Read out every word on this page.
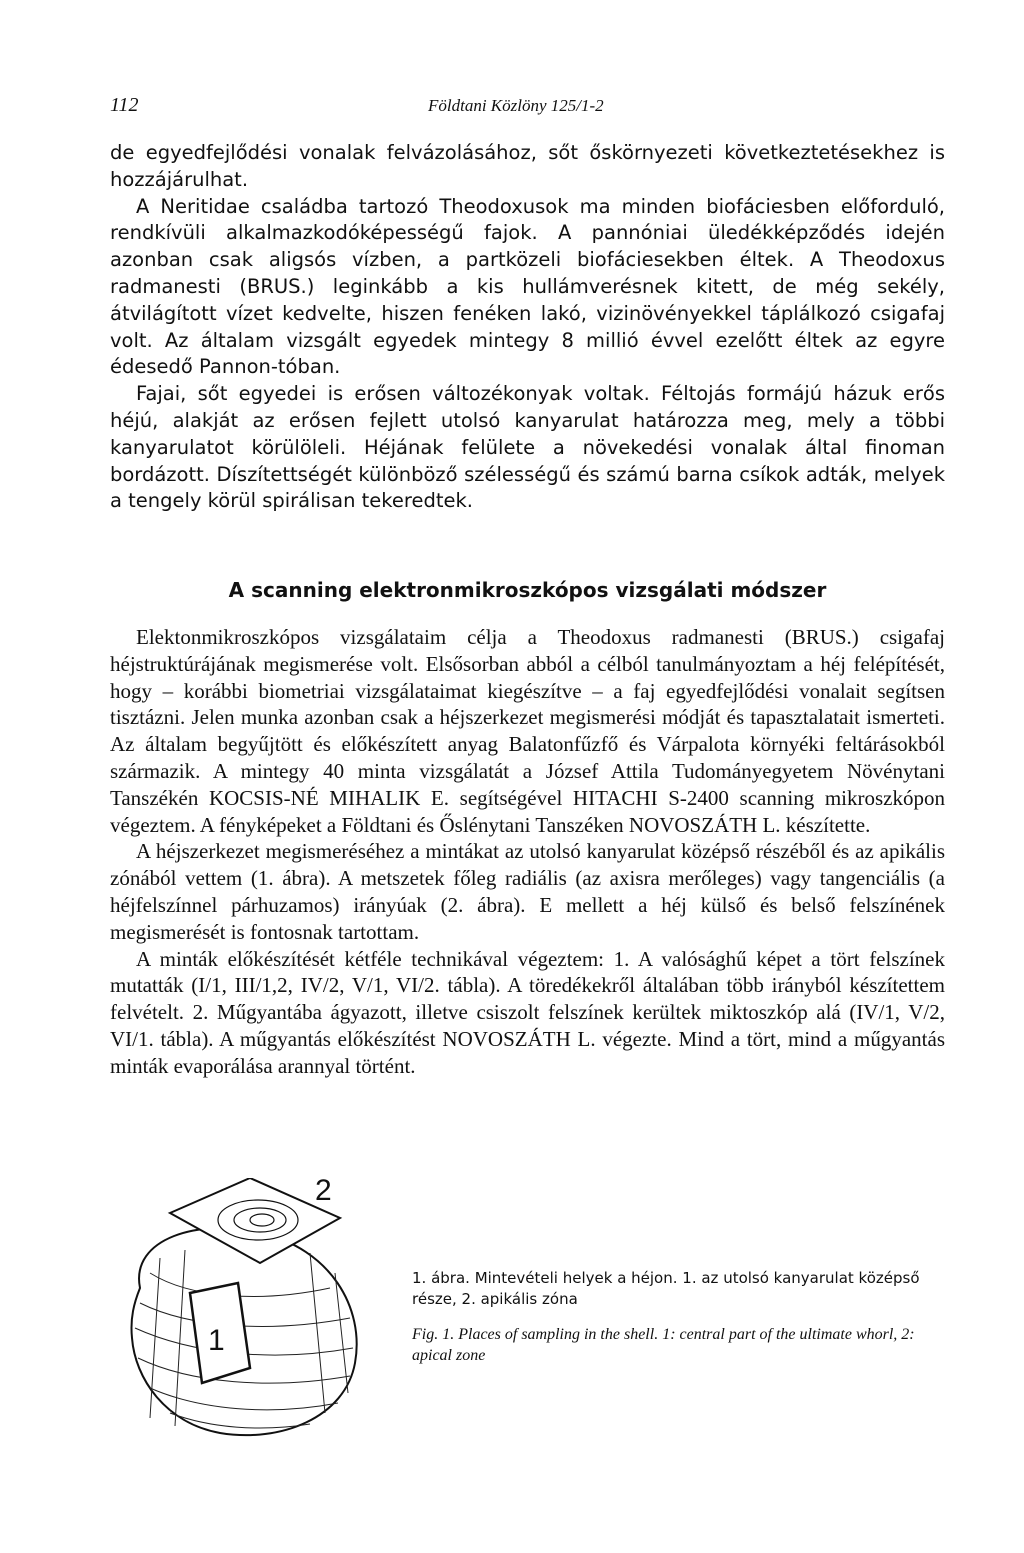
112	Földtani Közlöny 125/1-2

de egyedfejlődési vonalak felvázolásához, sőt őskörnyezeti következtetésekhez is hozzájárulhat.

A Neritidae családba tartozó Theodoxusok ma minden biofáciesben előforduló, rendkívüli alkalmazkodóképességű fajok. A pannóniai üledékképződés idején azonban csak aligsós vízben, a partközeli biofáciesekben éltek. A Theodoxus radmanesti (BRUS.) leginkább a kis hullámverésnek kitett, de még sekély, átvilágított vízet kedvelte, hiszen fenéken lakó, vizinövényekkel táplálkozó csigafaj volt. Az általam vizsgált egyedek mintegy 8 millió évvel ezelőtt éltek az egyre édesedő Pannon-tóban.

Fajai, sőt egyedei is erősen változékonyak voltak. Féltojás formájú házuk erős héjú, alakját az erősen fejlett utolsó kanyarulat határozza meg, mely a többi kanyarulatot körülöleli. Héjának felülete a növekedési vonalak által finoman bordázott. Díszítettségét különböző szélességű és számú barna csíkok adták, melyek a tengely körül spirálisan tekeredtek.

A scanning elektronmikroszkópos vizsgálati módszer

Elektonmikroszkópos vizsgálataim célja a Theodoxus radmanesti (BRUS.) csigafaj héjstruktúrájának megismerése volt. Elsősorban abból a célból tanulmányoztam a héj felépítését, hogy – korábbi biometriai vizsgálataimat kiegészítve – a faj egyedfejlődési vonalait segítsen tisztázni. Jelen munka azonban csak a héjszerkezet megismerési módját és tapasztalatait ismerteti. Az általam begyűjtött és előkészített anyag Balatonfűzfő és Várpalota környéki feltárásokból származik. A mintegy 40 minta vizsgálatát a József Attila Tudományegyetem Növénytani Tanszékén KOCSIS-NÉ MIHALIK E. segítségével HITACHI S-2400 scanning mikroszkópon végeztem. A fényképeket a Földtani és Őslénytani Tanszéken NOVOSZÁTH L. készítette.

A héjszerkezet megismeréséhez a mintákat az utolsó kanyarulat középső részéből és az apikális zónából vettem (1. ábra). A metszetek főleg radiális (az axisra merőleges) vagy tangenciális (a héjfelszínnel párhuzamos) irányúak (2. ábra). E mellett a héj külső és belső felszínének megismerését is fontosnak tartottam.

A minták előkészítését kétféle technikával végeztem: 1. A valósághű képet a tört felszínek mutatták (I/1, III/1,2, IV/2, V/1, VI/2. tábla). A töredékekről általában több irányból készítettem felvételt. 2. Műgyantába ágyazott, illetve csiszolt felszínek kerültek miktoszkóp alá (IV/1, V/2, VI/1. tábla). A műgyantás előkészítést NOVOSZÁTH L. végezte. Mind a tört, mind a műgyantás minták evaporálása arannyal történt.

1
2

1. ábra. Mintevételi helyek a héjon. 1. az utolsó kanyarulat középső része, 2. apikális zóna

Fig. 1. Places of sampling in the shell. 1: central part of the ultimate whorl, 2: apical zone
